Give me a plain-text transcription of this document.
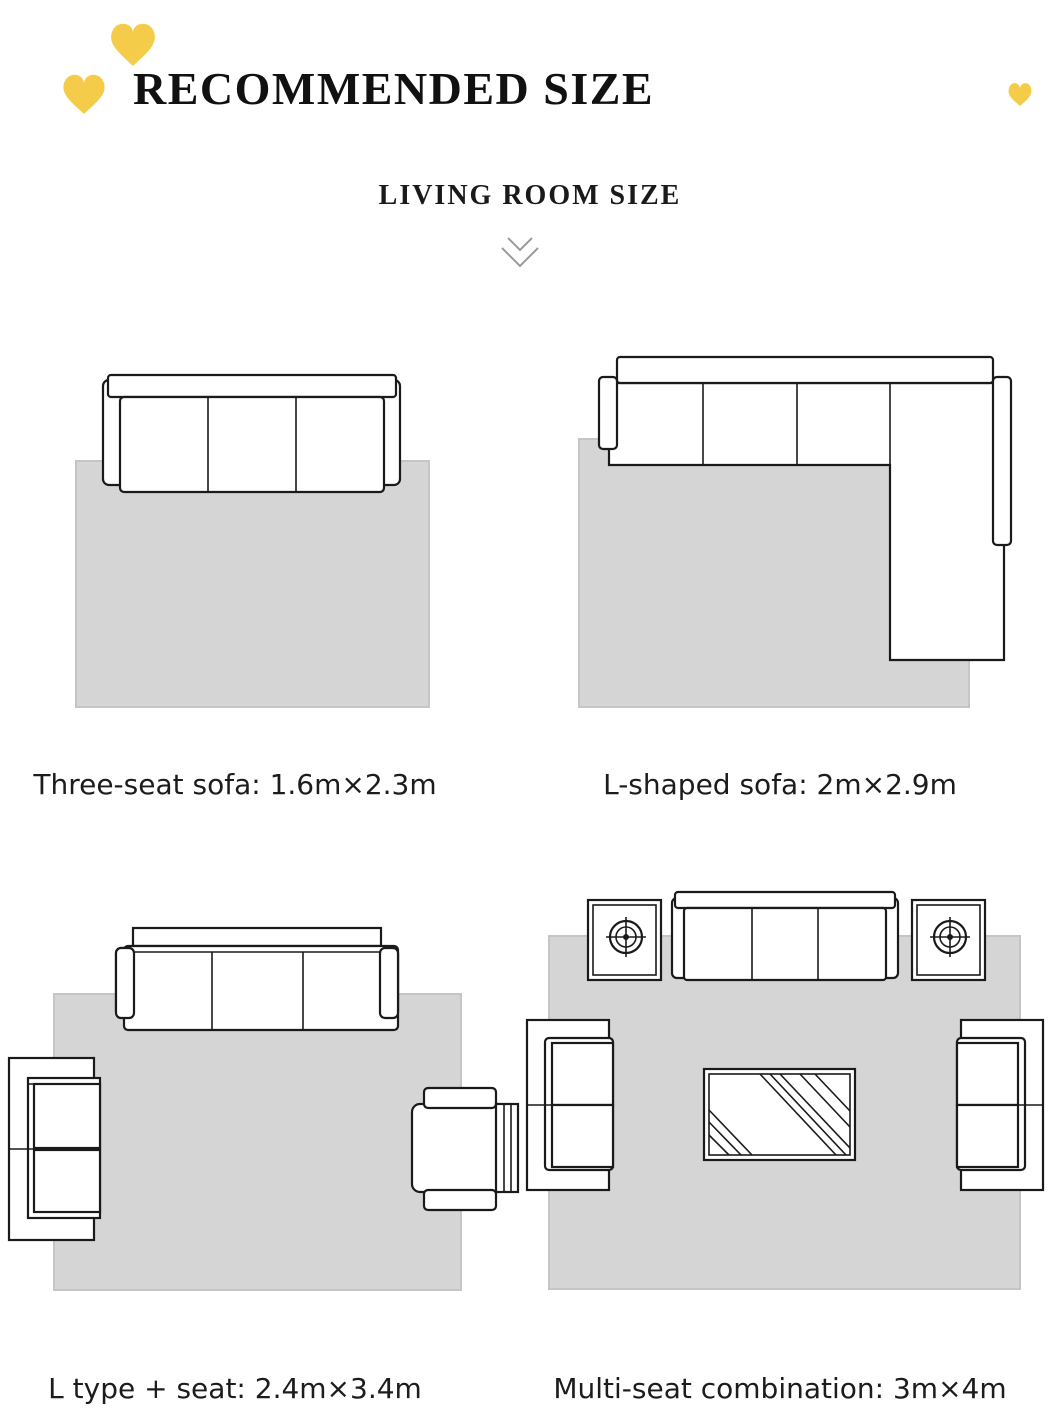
RECOMMENDED SIZE
LIVING ROOM SIZE
Three-seat sofa: 1.6m×2.3m	L-shaped sofa: 2m×2.9m
L type + seat: 2.4m×3.4m	Multi-seat combination: 3m×4m
